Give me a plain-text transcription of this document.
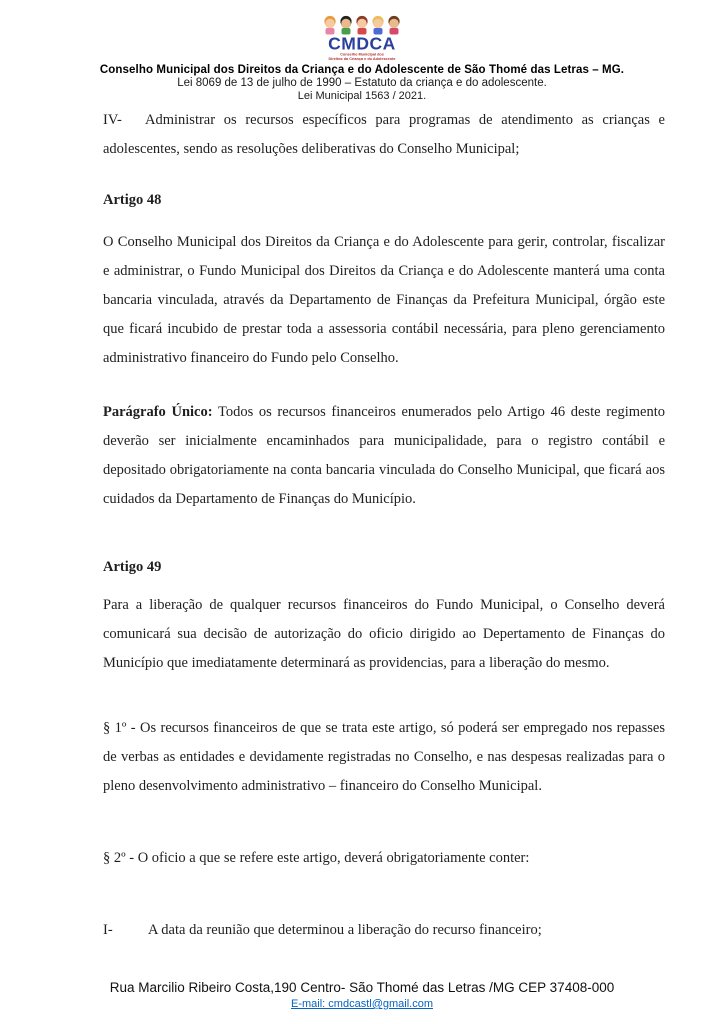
CMDCA
Conselho Municipal dos
Direitos da Criança e do Adolescente
Conselho Municipal dos Direitos da Criança e do Adolescente de São Thomé das Letras – MG.
Lei 8069 de 13 de julho de 1990 – Estatuto da criança e do adolescente.
Lei Municipal 1563 / 2021.

IV- Administrar os recursos específicos para programas de atendimento as crianças e adolescentes, sendo as resoluções deliberativas do Conselho Municipal;

Artigo 48

O Conselho Municipal dos Direitos da Criança e do Adolescente para gerir, controlar, fiscalizar e administrar, o Fundo Municipal dos Direitos da Criança e do Adolescente manterá uma conta bancaria vinculada, através da Departamento de Finanças da Prefeitura Municipal, órgão este que ficará incubido de prestar toda a assessoria contábil necessária, para pleno gerenciamento administrativo financeiro do Fundo pelo Conselho.

Parágrafo Único: Todos os recursos financeiros enumerados pelo Artigo 46 deste regimento deverão ser inicialmente encaminhados para municipalidade, para o registro contábil e depositado obrigatoriamente na conta bancaria vinculada do Conselho Municipal, que ficará aos cuidados da Departamento de Finanças do Município.

Artigo 49

Para a liberação de qualquer recursos financeiros do Fundo Municipal, o Conselho deverá comunicará sua decisão de autorização do oficio dirigido ao Depertamento de Finanças do Município que imediatamente determinará as providencias, para a liberação do mesmo.

§ 1º - Os recursos financeiros de que se trata este artigo, só poderá ser empregado nos repasses de verbas as entidades e devidamente registradas no Conselho, e nas despesas realizadas para o pleno desenvolvimento administrativo – financeiro do Conselho Municipal.

§ 2º - O oficio a que se refere este artigo, deverá obrigatoriamente conter:

I- A data da reunião que determinou a liberação do recurso financeiro;

Rua Marcilio Ribeiro Costa,190 Centro- São Thomé das Letras /MG CEP 37408-000
E-mail: cmdcastl@gmail.com
